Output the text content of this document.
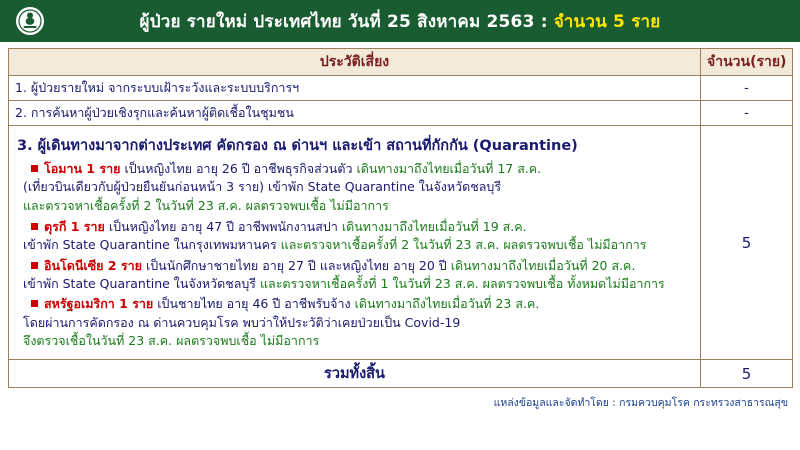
ผู้ป่วย รายใหม่ ประเทศไทย วันที่ 25 สิงหาคม 2563 : จำนวน 5 ราย
ประวัติเสี่ยง	จำนวน(ราย)
1. ผู้ป่วยรายใหม่ จากระบบเฝ้าระวังและระบบบริการฯ	-
2. การค้นหาผู้ป่วยเชิงรุกและค้นหาผู้ติดเชื้อในชุมชน	-

3. ผู้เดินทางมาจากต่างประเทศ คัดกรอง ณ ด่านฯ และเข้า สถานที่กักกัน (Quarantine)
โอมาน 1 ราย เป็นหญิงไทย อายุ 26 ปี อาชีพธุรกิจส่วนตัว เดินทางมาถึงไทยเมื่อวันที่ 17 ส.ค.
(เที่ยวบินเดียวกับผู้ป่วยยืนยันก่อนหน้า 3 ราย) เข้าพัก State Quarantine ในจังหวัดชลบุรี
และตรวจหาเชื้อครั้งที่ 2 ในวันที่ 23 ส.ค. ผลตรวจพบเชื้อ ไม่มีอาการ
ตุรกี 1 ราย เป็นหญิงไทย อายุ 47 ปี อาชีพพนักงานสปา เดินทางมาถึงไทยเมื่อวันที่ 19 ส.ค.
เข้าพัก State Quarantine ในกรุงเทพมหานคร และตรวจหาเชื้อครั้งที่ 2 ในวันที่ 23 ส.ค. ผลตรวจพบเชื้อ ไม่มีอาการ
อินโดนีเซีย 2 ราย เป็นนักศึกษาชายไทย อายุ 27 ปี และหญิงไทย อายุ 20 ปี เดินทางมาถึงไทยเมื่อวันที่ 20 ส.ค.
เข้าพัก State Quarantine ในจังหวัดชลบุรี และตรวจหาเชื้อครั้งที่ 1 ในวันที่ 23 ส.ค. ผลตรวจพบเชื้อ ทั้งหมดไม่มีอาการ
สหรัฐอเมริกา 1 ราย เป็นชายไทย อายุ 46 ปี อาชีพรับจ้าง เดินทางมาถึงไทยเมื่อวันที่ 23 ส.ค.
โดยผ่านการคัดกรอง ณ ด่านควบคุมโรค พบว่าให้ประวัติว่าเคยป่วยเป็น Covid-19
จึงตรวจเชื้อในวันที่ 23 ส.ค. ผลตรวจพบเชื้อ ไม่มีอาการ
	5
รวมทั้งสิ้น	5
แหล่งข้อมูลและจัดทำโดย : กรมควบคุมโรค กระทรวงสาธารณสุข
